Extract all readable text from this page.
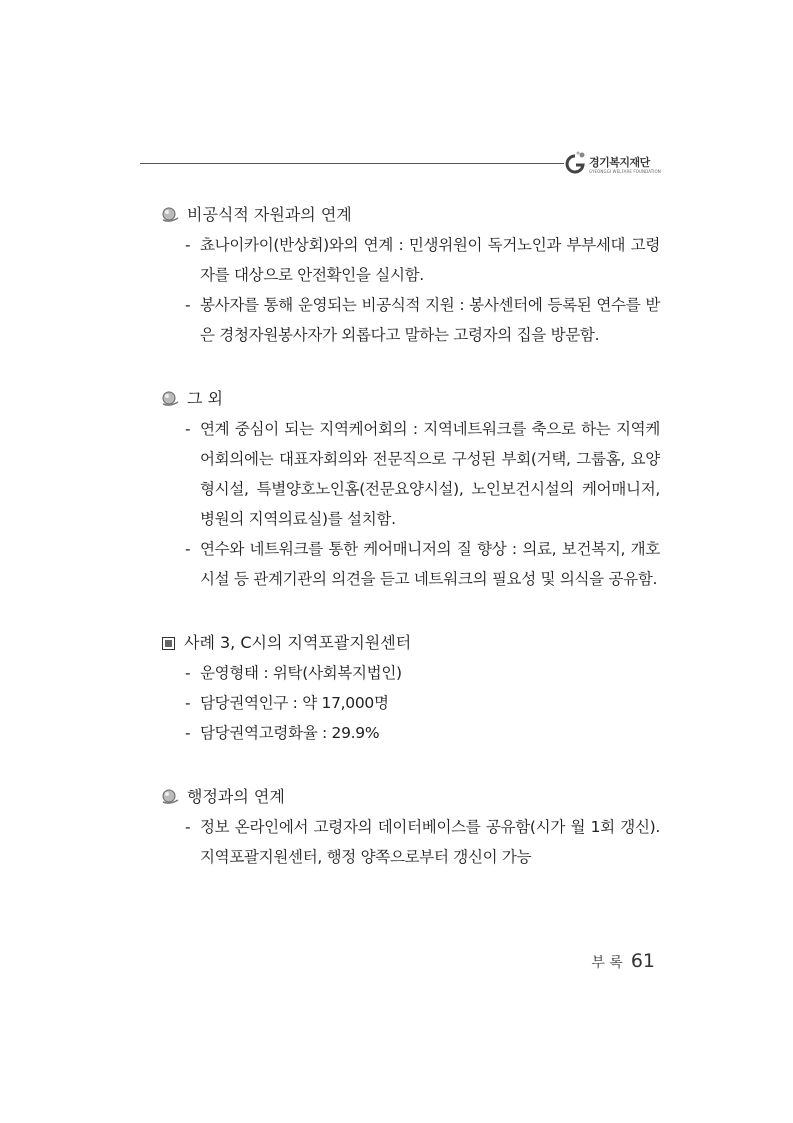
경기복지재단
GYEONGGI WELFARE FOUNDATION
비공식적 자원과의 연계
- 쵸나이카이(반상회)와의 연계 : 민생위원이 독거노인과 부부세대 고령자를 대상으로 안전확인을 실시함.
- 봉사자를 통해 운영되는 비공식적 지원 : 봉사센터에 등록된 연수를 받은 경청자원봉사자가 외롭다고 말하는 고령자의 집을 방문함.
그 외
- 연계 중심이 되는 지역케어회의 : 지역네트워크를 축으로 하는 지역케어회의에는 대표자회의와 전문직으로 구성된 부회(거택, 그룹홈, 요양형시설, 특별양호노인홈(전문요양시설), 노인보건시설의 케어매니저, 병원의 지역의료실)를 설치함.
- 연수와 네트워크를 통한 케어매니저의 질 향상 : 의료, 보건복지, 개호시설 등 관계기관의 의견을 듣고 네트워크의 필요성 및 의식을 공유함.
사례 3, C시의 지역포괄지원센터
- 운영형태 : 위탁(사회복지법인)
- 담당권역인구 : 약 17,000명
- 담당권역고령화율 : 29.9%
행정과의 연계
- 정보 온라인에서 고령자의 데이터베이스를 공유함(시가 월 1회 갱신). 지역포괄지원센터, 행정 양쪽으로부터 갱신이 가능
부 록 61
